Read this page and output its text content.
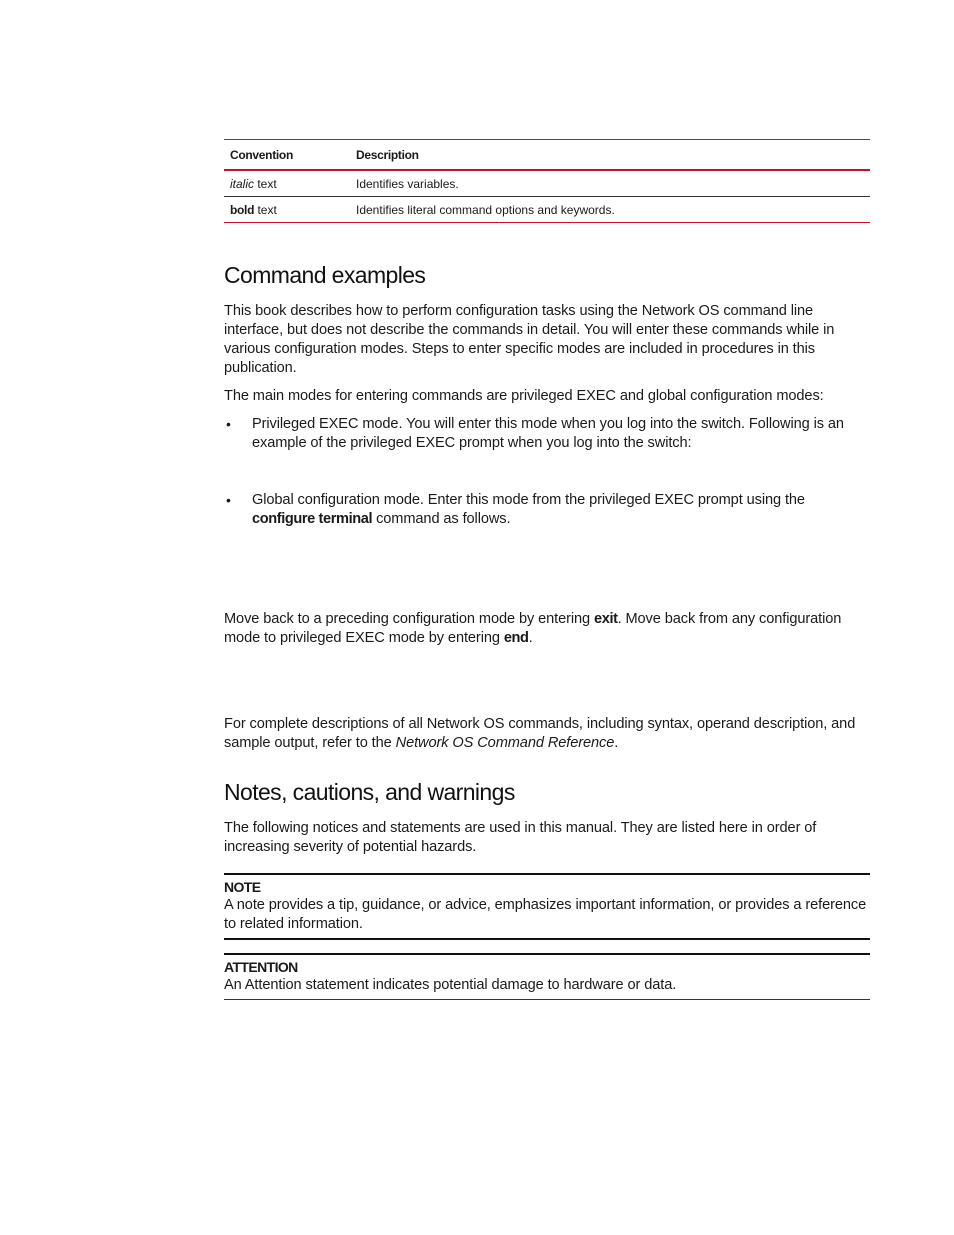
Convention	Description
italic text	Identifies variables.
bold text	Identifies literal command options and keywords.
Command examples

This book describes how to perform configuration tasks using the Network OS command line interface, but does not describe the commands in detail. You will enter these commands while in various configuration modes. Steps to enter specific modes are included in procedures in this publication.

The main modes for entering commands are privileged EXEC and global configuration modes:

•	Privileged EXEC mode. You will enter this mode when you log into the switch. Following is an example of the privileged EXEC prompt when you log into the switch:
•	Global configuration mode. Enter this mode from the privileged EXEC prompt using the configure terminal command as follows.

Move back to a preceding configuration mode by entering exit. Move back from any configuration mode to privileged EXEC mode by entering end.

For complete descriptions of all Network OS commands, including syntax, operand description, and sample output, refer to the Network OS Command Reference.

Notes, cautions, and warnings

The following notices and statements are used in this manual. They are listed here in order of increasing severity of potential hazards.

NOTE

A note provides a tip, guidance, or advice, emphasizes important information, or provides a reference to related information.

ATTENTION

An Attention statement indicates potential damage to hardware or data.
